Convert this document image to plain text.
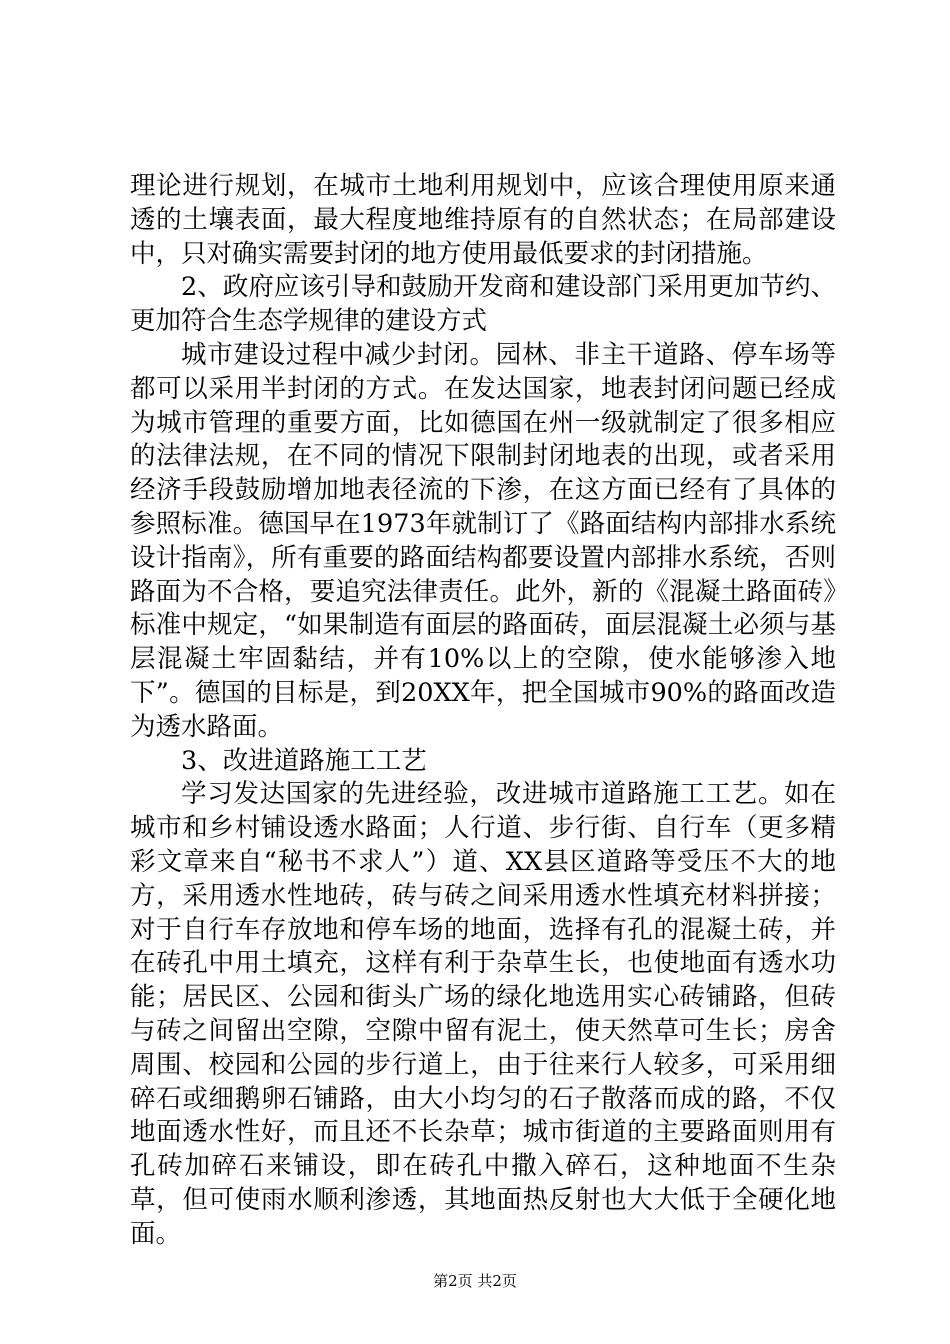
理论进行规划，在城市土地利用规划中，应该合理使用原来通透的土壤表面，最大程度地维持原有的自然状态；在局部建设中，只对确实需要封闭的地方使用最低要求的封闭措施。

2、政府应该引导和鼓励开发商和建设部门采用更加节约、更加符合生态学规律的建设方式

城市建设过程中减少封闭。园林、非主干道路、停车场等都可以采用半封闭的方式。在发达国家，地表封闭问题已经成为城市管理的重要方面，比如德国在州一级就制定了很多相应的法律法规，在不同的情况下限制封闭地表的出现，或者采用经济手段鼓励增加地表径流的下渗，在这方面已经有了具体的参照标准。德国早在1973年就制订了《路面结构内部排水系统设计指南》，所有重要的路面结构都要设置内部排水系统，否则路面为不合格，要追究法律责任。此外，新的《混凝土路面砖》标准中规定，“如果制造有面层的路面砖，面层混凝土必须与基层混凝土牢固黏结，并有10%以上的空隙，使水能够渗入地下”。德国的目标是，到20XX年，把全国城市90%的路面改造为透水路面。

3、改进道路施工工艺

学习发达国家的先进经验，改进城市道路施工工艺。如在城市和乡村铺设透水路面；人行道、步行街、自行车（更多精彩文章来自“秘书不求人”）道、XX县区道路等受压不大的地方，采用透水性地砖，砖与砖之间采用透水性填充材料拼接；对于自行车存放地和停车场的地面，选择有孔的混凝土砖，并在砖孔中用土填充，这样有利于杂草生长，也使地面有透水功能；居民区、公园和街头广场的绿化地选用实心砖铺路，但砖与砖之间留出空隙，空隙中留有泥土，使天然草可生长；房舍周围、校园和公园的步行道上，由于往来行人较多，可采用细碎石或细鹅卵石铺路，由大小均匀的石子散落而成的路，不仅地面透水性好，而且还不长杂草；城市街道的主要路面则用有孔砖加碎石来铺设，即在砖孔中撒入碎石，这种地面不生杂草，但可使雨水顺利渗透，其地面热反射也大大低于全硬化地面。

第2页 共2页
